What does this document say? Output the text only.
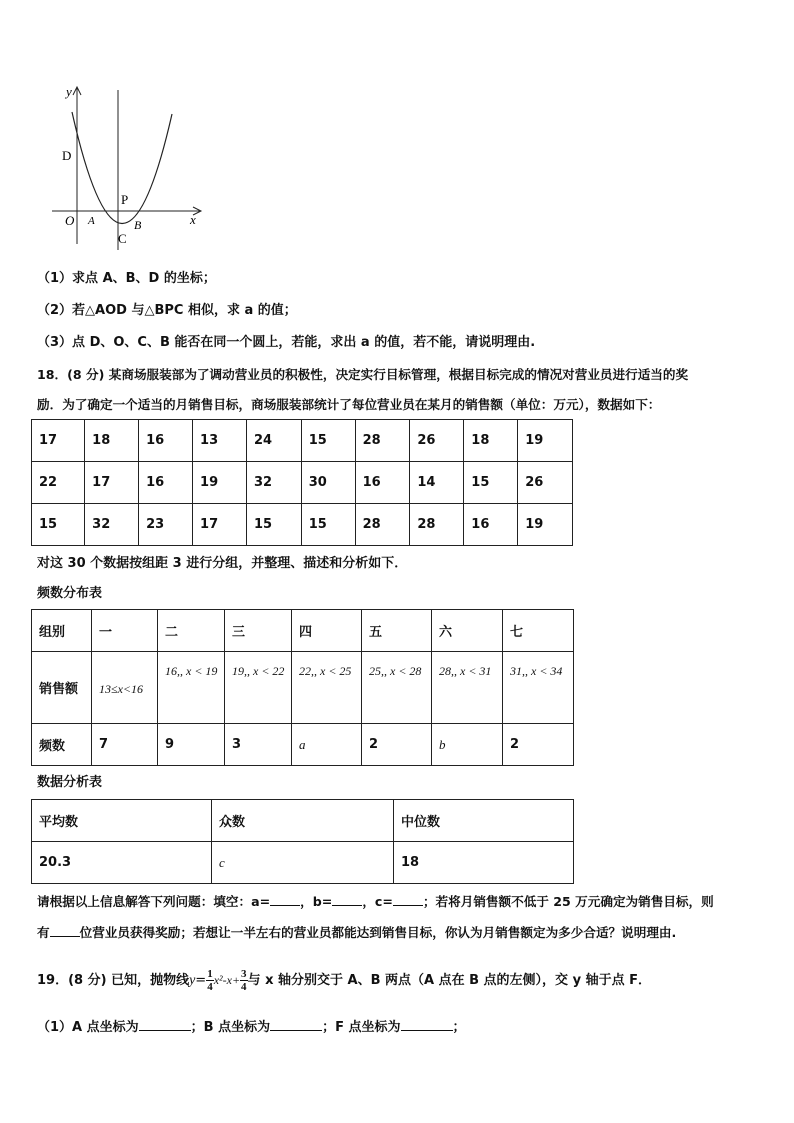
y
x
D
O A
P
B
C
（1）求点 A、B、D 的坐标；
（2）若△AOD 与△BPC 相似，求 a 的值；
（3）点 D、O、C、B 能否在同一个圆上，若能，求出 a 的值，若不能，请说明理由.
18．(8 分) 某商场服装部为了调动营业员的积极性，决定实行目标管理，根据目标完成的情况对营业员进行适当的奖
励．为了确定一个适当的月销售目标，商场服装部统计了每位营业员在某月的销售额（单位：万元），数据如下：
17	18	16	13	24	15	28	26	18	19
22	17	16	19	32	30	16	14	15	26
15	32	23	17	15	15	28	28	16	19
对这 30 个数据按组距 3 进行分组，并整理、描述和分析如下．
频数分布表
组别	一	二	三	四	五	六	七
销售额	13≤x<16	16,, x < 19	19,, x < 22	22,, x < 25	25,, x < 28	28,, x < 31	31,, x < 34
频数	7	9	3	a	2	b	2
数据分析表
平均数	众数	中位数
20.3	c	18
请根据以上信息解答下列问题：填空：a= ，b= ，c= ；若将月销售额不低于 25 万元确定为销售目标，则
有 位营业员获得奖励；若想让一半左右的营业员都能达到销售目标，你认为月销售额定为多少合适？说明理由.
19．(8 分) 已知，抛物线$y= \frac{1}{4} x^2-x+ \frac{3}{4}$ 与 x 轴分别交于 A、B 两点（A 点在 B 点的左侧），交 y 轴于点 F．
（1）A 点坐标为	；B 点坐标为	；F 点坐标为	；
